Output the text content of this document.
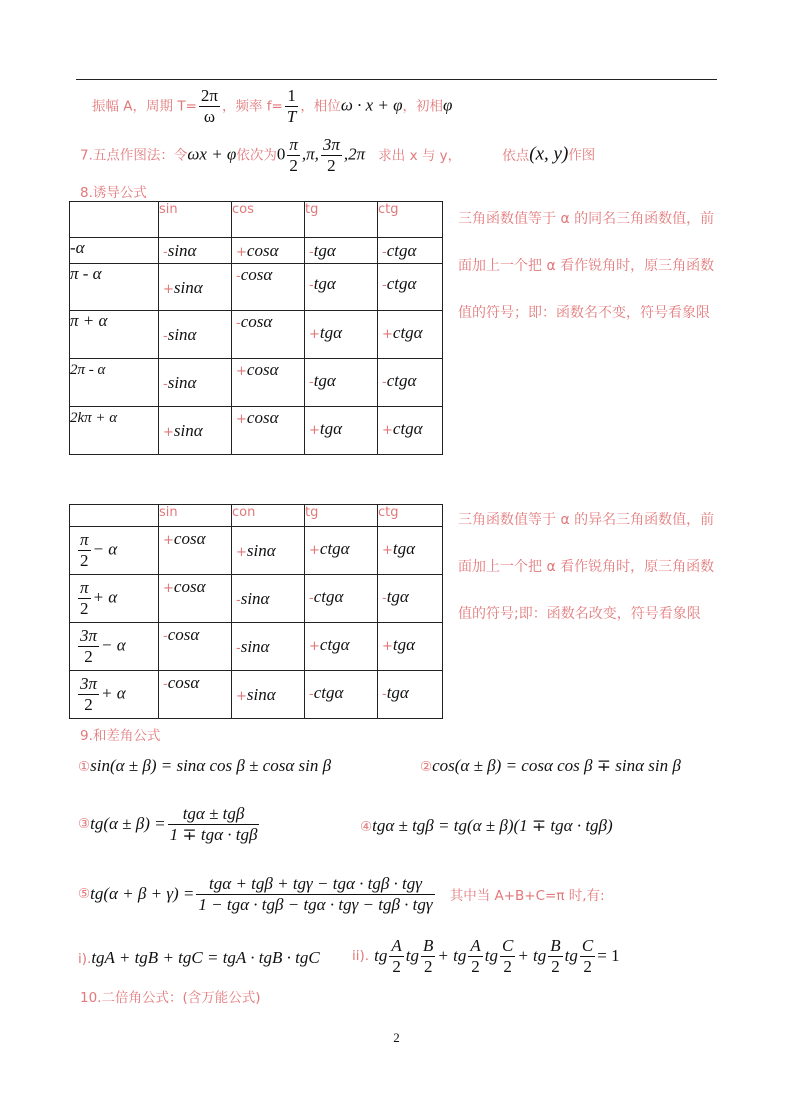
振幅 A，周期 $T= \frac{2\pi}{\omega}$ ，频率 $f= \frac{1}{T}$ ，相位ω · x + φ，初相φ
7.五点作图法：令ωx + φ依次为$0 \frac{\pi}{2} ,\pi$, $\frac{3\pi}{2} ,2\pi$ 求出 x 与 y，	依点(x, y)作图
8.诱导公式
	sin	cos	tg	ctg
-α	-sinα	+cosα	-tgα	-ctgα

π - α	+sinα	-cosα	-tgα	-ctgα

π + α	-sinα	-cosα	+tgα	+ctgα

2π - α	-sinα	+cosα	-tgα	-ctgα

2kπ + α	+sinα	+cosα	+tgα	+ctgα
三角函数值等于 α 的同名三角函数值，前面加上一个把 α 看作锐角时，原三角函数值的符号；即：函数名不变，符号看象限
	sin	con	tg	ctg

$\frac{\pi}{2} - \alpha$	+cosα	+sinα	+ctgα	+tgα

$\frac{\pi}{2} + \alpha$	+cosα	-sinα	-ctgα	-tgα

$\frac{3\pi}{2} - \alpha$	-cosα	-sinα	+ctgα	+tgα

$\frac{3\pi}{2} + \alpha$	-cosα	+sinα	-ctgα	-tgα
三角函数值等于 α 的异名三角函数值，前面加上一个把 α 看作锐角时，原三角函数值的符号;即：函数名改变，符号看象限
9.和差角公式
①sin(α ± β) = sinα cos β ± cosα sin β	②cos(α ± β) = cosα cos β ∓ sinα sin β
③tg(α ± $\beta) = \frac{\text{tgα ± tgβ}}{\text{1 ∓ tgα · tgβ}}$	④tgα ± tgβ = tg(α ± β)(1 ∓ tgα · tgβ)
⑤tg(α + $\beta + \gamma) = \frac{\text{tgα + tgβ + tgγ − tgα · tgβ · tgγ}}{\text{1 − tgα · tgβ − tgα · tgγ − tgβ · tgγ}}$ 其中当 A+B+C=π 时,有:
i).tgA + tgB + tgC = tgA · tgB · tgC ii). tg $\frac{A}{2}$ tg $\frac{B}{2}$ + tg $\frac{A}{2}$ tg $\frac{C}{2}$ + tg $\frac{B}{2}$ tg $\frac{C}{2} = 1$
10.二倍角公式：(含万能公式)
2
